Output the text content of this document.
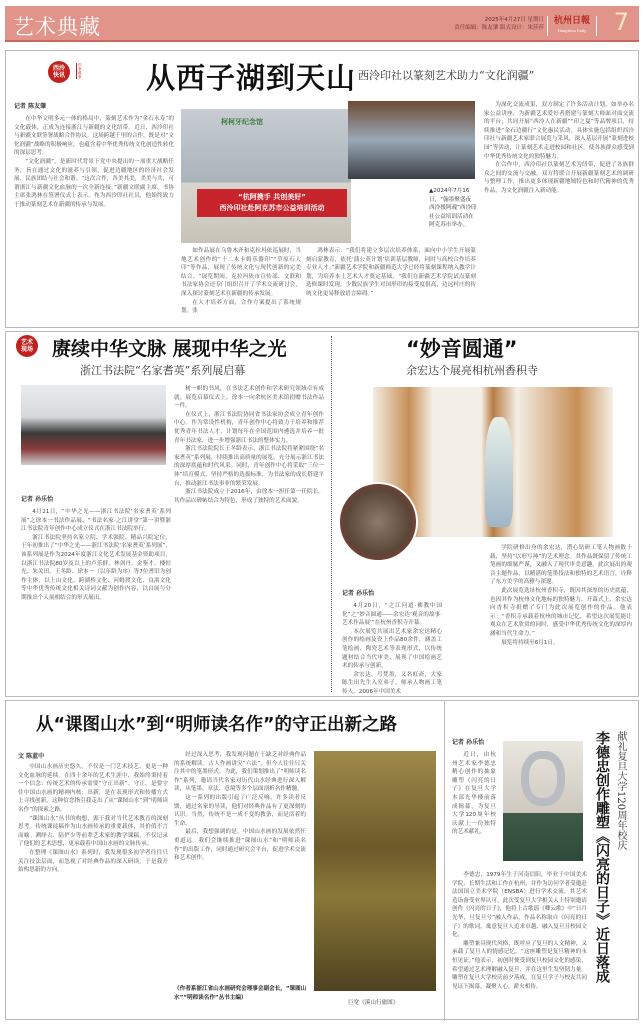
艺术典藏	2025年4月27日 星期日
责任编辑：陈友肇 版式设计：朱莎莎
杭州日報
Hangzhou Daily 7
西泠
快讯
印事藏事 从西子湖到天山 西泠印社以篆刻艺术助力“文化润疆”
记者 陈友肇

在中华文明多元一体的格局中，篆刻艺术作为“金石永寿”的文化载体，正成为连接浙江与新疆的文化纽带。近日，西泠印社与新疆文联签署战略合作协议。这场跨越千里的合作，既是对“文化润疆”战略的积极响应，也蕴含着中华优秀传统文化创造性转化的深层思考。

“文化润疆”，是新时代背景下党中央提出的一项重大战略任务，旨在通过文化的滋养与引领，促进边疆地区的经济社会发展、民族团结与社会和谐。“这次合作，各美其美，美美与共，可谓浙江与新疆文化血脉的一次全新连接。”新疆文联副主席、书协主席张鸿林在签署仪式上表示。作为西泠印社社员，他始终致力于推动篆刻艺术在新疆的传承与发展。

柯柯牙纪念馆
“杭阿携手 共创美好”
西泠印社赴阿克苏市公益培训活动
▲2024年7月16日，“翰墨聚盛夜 西泠援阿魂”西泠印社公益培训活动在阿克苏市举办。

如作品展在乌鲁木齐和克拉玛依巡展时，当地艺术创作的“十二木卡姆乐器印”“草原石人印”等作品，展现了传统文化与现代创新的完美结合。“展览期间，克拉玛依市宣传部、文联和书法家协会还专门组织召开了学术交流研讨会，深入探讨篆刻艺术在新疆的传承发展。

在人才培养方面，合作方案提出了系统规划。张

鸿林表示：“我们将建立多层次培养体系，面向中小学生开展篆刻启蒙教育，依托‘蒲公英计划’培训基层教师，同时与高校合作培养专业人才。”新疆艺术学院和新疆师范大学已经将篆刻课程纳入教学计划，为培养本土艺术人才奠定基础。“我们在新疆艺术学院试点篆刻选修课时发现，少数民族学生对国形印的接受度很高，边远村庄的传统文化更易释放语言障碍。”

为深化交流成果，双方制定了许多活动计划。如举办名家公益讲座，为新疆艺术爱好者搭建与篆刻大师面对面交流的平台；共同开展“西泠人在新疆”“印之夏”等品牌项目，持续推进“金石边疆行”文化惠民活动。具体实施包括组织西泠印社与新疆艺术家联合展览与采风，深入基层开展“篆刻进校园”等活动，让篆刻艺术走进校园和社区，使各族群众感受到中华优秀传统文化的独特魅力。

在合作中，西泠印社以篆刻艺术为纽带，促进了各族群众之间的交流与交融。双方将联合开展新疆篆刻艺术的调研与整理工作，推出更多体现新疆地域特色和时代精神的优秀作品，为文化润疆注入新动能。

艺术
现场 赓续中华文脉 展现中华之光
浙江书法院“名家耆英”系列展启幕
记者 孙乐怡

4月21日，“中华之光——浙江书法院‘名家耆英’系列展”之徐本一书法作品展、“书法名家·之江讲堂”第一讲暨浙江书法院青年创作中心成立仪式在浙江书法院举行。

浙江书法院坚持名家立院、学术强院、精品兴院定位，于年初推出了“中华之光——浙江书法院‘名家耆英’系列展”，该系列展是作为2024年度浙江文化艺术发展基金资助项目，以浙江书法院80岁及以上的卢乐群、林剑丹、金鉴才、楼恒光、朱关田、王冬龄、徐本一（以年龄为序）等7位耆旧为创作主体，以上山文化、跨湖桥文化、河姆渡文化、良渚文化等中华优秀传统文化相关诗词文献为创作内容，以自展与分期推出个人展相结合的形式展出。

树一帜的书风，在书法艺术创作和学术研究领域卓有成就。展览启幕仪式上，徐本一向余杭区美术馆捐赠书法作品一件。

在仪式上，浙江书法院协同省书法家协会成立青年创作中心。作为常设性机构，青年创作中心将致力于培养和推荐优秀青年书法人才，计划每年在全国范围内遴选并培养一批青年书法家，进一步增强浙江书法的整体实力。

浙江书法院院长王冬龄表示，浙江书法院将紧紧围绕“名家耆英”系列展，持续推出高质量的展览，充分展示浙江书法的深厚底蕴和时代风采。同时，青年创作中心将采取“三位一体”培育模式，坚持严格的选拔标准，为书法家的成长搭建平台，推动浙江书法事业的繁荣发展。

浙江书法院成立于2016年，由徐本一担任第一任院长。其作品以碑帖结合为特色，形成了独特的艺术面貌。

“妙音圆通”
余宏达个展亮相杭州香积寺
记者 孙乐怡

4月20日，“之江问道·佛教中国化”之“妙音圆通——余宏达‘观音的故事·艺术作品展’”在杭州香积寺开幕。

本次展览共展出艺术家余宏达精心创作的绘画及瓷上作品80余件，涵盖工笔绘画、陶瓷艺术等表现形式，以传统题材结合当代审美，展现了中国绘画艺术的传承与创新。

余宏达，号梵墨，又名虹斋，大家陈生出先生入室弟子，师承人物画工笔传人。2006年中国美术

学院研修出身的余宏达，潜心钻研工笔人物画数十载，坚持“以形写神”的艺术理念。其作品既保留了传统工笔画的细腻严谨，又融入了现代审美意趣。此次展出的观音主题作品，以精湛的笔墨技法和独特的艺术语言，诠释了东方美学的高雅与深邃。

此次展览选址杭州香积寺，既因其深厚的历史底蕴，也因其作为杭州文化地标的独特魅力。开幕式上，余宏达向香积寺捐赠了专门为此次展览创作的作品。他表示：“香积寺承载着杭州的城市记忆，希望这次展览能让观众在艺术欣赏的同时，感受中华优秀传统文化的深厚内涵和当代生命力。”

展览将持续至6月1日。

从“课图山水”到“明师读名作”的守正出新之路
文 陈蓝中

中国山水画历史悠久，不仅是一门艺术技艺，更是一种文化血脉的延续。在四十余年的艺术生涯中，我始终秉持着一个信念：传统艺术的传承需要“守正出新”。守正，是要守住中国山水画的精神内核；出新，是在表现形式和传播方式上寻找创新。这种信念指引我走出了从“课图山水”到“明师读名作”的探索之路。

“课图山水”丛书的构想，源于我对当代艺术教育的深刻思考。传统课徒稿作为山水画传承的重要载体，其价值不言而喻。溯绎古、陆俨少等前辈艺术家的教学课稿，不仅记录了他们的艺术思想，更承载着中国山水画的文脉传承。

在整理《课图山水》系列时，我发现很多初学者往往只关注技法层面，而忽视了对经典作品的深入研读。于是我开始构思新的方向。

经过深入思考，我发现问题在于缺乏对经典作品的系统解读。古人作画讲究“六法”，但今人往往只关注其中的笔墨形式。为此，我们策划推出了“明师读名作”系列，邀请当代名家对历代山水经典进行深入解读，从笔墨、章法、意境等多个层面剖析名作精髓。

这一系列的出版引起了广泛反响。许多读者反馈，通过名家的导读，他们对经典作品有了更深刻的认识。当然，传统不是一成不变的教条，而是活着的生命。

最后，我想强调的是，中国山水画的发展依然任重道远。我们会继续推进“课图山水”和“明师读名作”的出版工作，同时通过研究会平台，促进学术交流和艺术创作。

（作者系浙江省山水画研究会理事会副会长，“课图山水”“明师读名作”丛书主编）
巨宽《溪山行旅图》
记者 孙乐怡

近日，由杭州艺术家李德忠精心创作的抽象雕塑《闪亮的日子》在复旦大学本部光华楼前落成揭幕，为复旦大学120周年校庆献上一份独特的艺术献礼。

李德忠，1979年生于河南信阳，毕业于中国美术学院，长期生活和工作在杭州，并作为访问学者受邀赴法国国立美术学院（ENSBA）进行学术交流，其艺术造诣备受业界认可。此次受复旦大学相关人士特别邀请创作《闪亮的日子》，他将上古歌谣《卿云歌》中“日月光华，旦复旦兮”融入作品，作品名称取自《闪亮的日子》的歌词，寓意复旦人追求卓越、融入复旦且校园文化。

雕塑兼具现代风格，既呼应了复旦的人文精神，又承载了复旦人的情感记忆。“这座雕塑是复旦精神的永恒见证。”他表示，初创时便受到复旦校园文化的感染，希望通过艺术理解融入复旦，并在这里生发坚韧力量。雕塑在复旦大学校庆前夕落成，在复旦学子与校友共同见证下揭幕，凝聚人心，薪火相传。

献礼复旦大学120周年校庆
李德忠创作雕塑《闪亮的日子》近日落成
